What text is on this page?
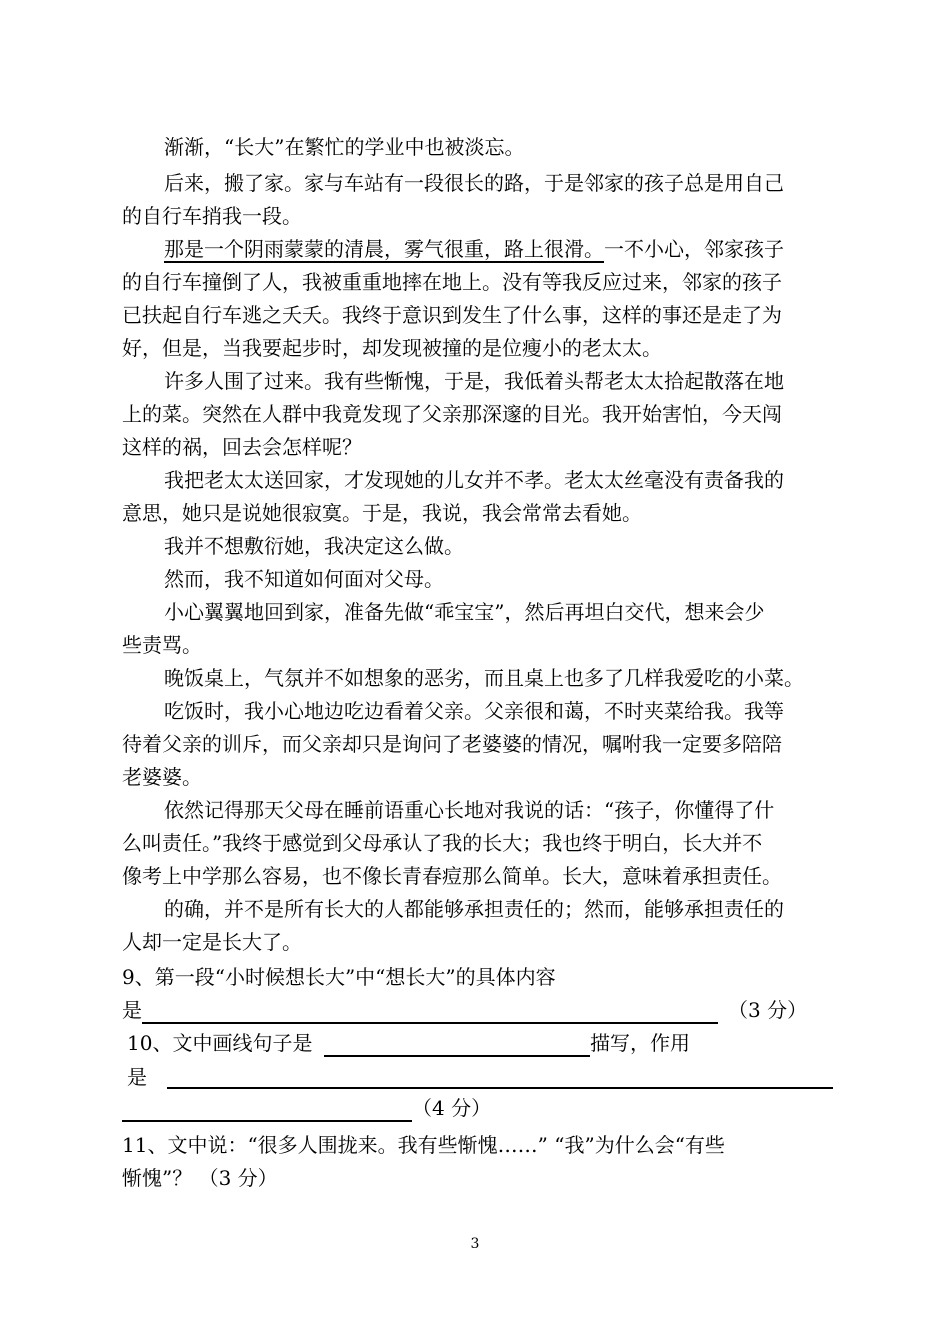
渐渐，“长大”在繁忙的学业中也被淡忘。
后来，搬了家。家与车站有一段很长的路，于是邻家的孩子总是用自己
的自行车捎我一段。
那是一个阴雨蒙蒙的清晨，雾气很重，路上很滑。一不小心，邻家孩子
的自行车撞倒了人，我被重重地摔在地上。没有等我反应过来，邻家的孩子
已扶起自行车逃之夭夭。我终于意识到发生了什么事，这样的事还是走了为
好，但是，当我要起步时，却发现被撞的是位瘦小的老太太。
许多人围了过来。我有些惭愧，于是，我低着头帮老太太拾起散落在地
上的菜。突然在人群中我竟发现了父亲那深邃的目光。我开始害怕，今天闯
这样的祸，回去会怎样呢？
我把老太太送回家，才发现她的儿女并不孝。老太太丝毫没有责备我的
意思，她只是说她很寂寞。于是，我说，我会常常去看她。
我并不想敷衍她，我决定这么做。
然而，我不知道如何面对父母。
小心翼翼地回到家，准备先做“乖宝宝”，然后再坦白交代，想来会少
些责骂。
晚饭桌上，气氛并不如想象的恶劣，而且桌上也多了几样我爱吃的小菜。
吃饭时，我小心地边吃边看着父亲。父亲很和蔼，不时夹菜给我。我等
待着父亲的训斥，而父亲却只是询问了老婆婆的情况，嘱咐我一定要多陪陪
老婆婆。
依然记得那天父母在睡前语重心长地对我说的话：“孩子，你懂得了什
么叫责任。”我终于感觉到父母承认了我的长大；我也终于明白，长大并不
像考上中学那么容易，也不像长青春痘那么简单。长大，意味着承担责任。
的确，并不是所有长大的人都能够承担责任的；然而，能够承担责任的
人却一定是长大了。
9、第一段“小时候想长大”中“想长大”的具体内容
是	（3 分）
10、文中画线句子是	描写，作用
是
（4 分）
11、文中说：“很多人围拢来。我有些惭愧……” “我”为什么会“有些
惭愧”？ （3 分）
3
